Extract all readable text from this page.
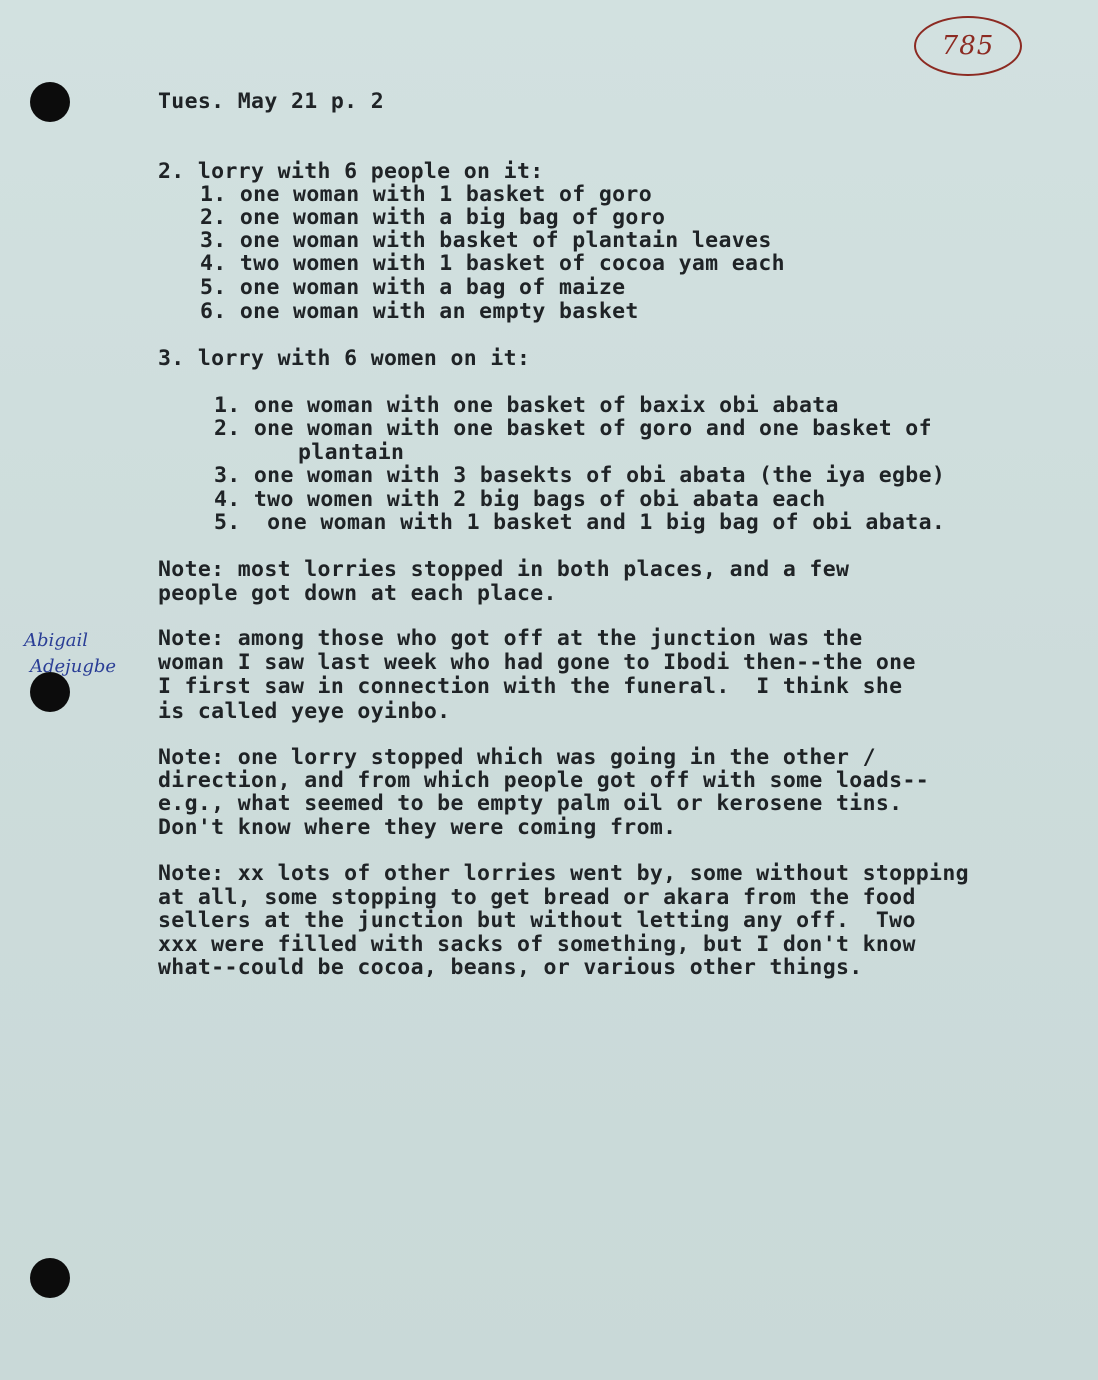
785
Abigail
Adejugbe
Tues. May 21 p. 2
2. lorry with 6 people on it:
1. one woman with 1 basket of goro
2. one woman with a big bag of goro
3. one woman with basket of plantain leaves
4. two women with 1 basket of cocoa yam each
5. one woman with a bag of maize
6. one woman with an empty basket
3. lorry with 6 women on it:
1. one woman with one basket of baxix obi abata
2. one woman with one basket of goro and one basket of
plantain
3. one woman with 3 basekts of obi abata (the iya egbe)
4. two women with 2 big bags of obi abata each
5.  one woman with 1 basket and 1 big bag of obi abata.
Note: most lorries stopped in both places, and a few
people got down at each place.
Note: among those who got off at the junction was the
woman I saw last week who had gone to Ibodi then--the one
I first saw in connection with the funeral.  I think she
is called yeye oyinbo.
Note: one lorry stopped which was going in the other /
direction, and from which people got off with some loads--
e.g., what seemed to be empty palm oil or kerosene tins.
Don't know where they were coming from.
Note: xx lots of other lorries went by, some without stopping
at all, some stopping to get bread or akara from the food
sellers at the junction but without letting any off.  Two
xxx were filled with sacks of something, but I don't know
what--could be cocoa, beans, or various other things.
